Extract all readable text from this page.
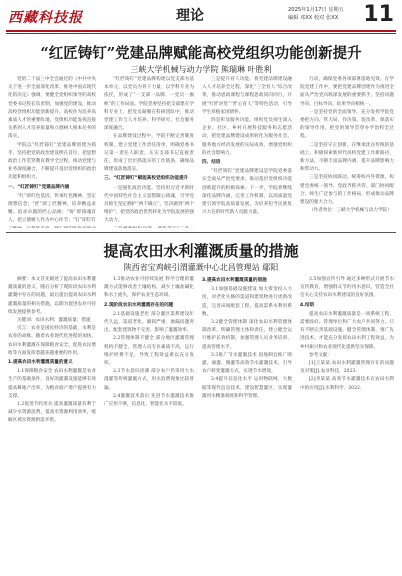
西藏科技报	理论	2025年1月17日 星期五
编辑 邓XX 校对 张XX	11
“红匠铸钉”党建品牌赋能高校党组织功能创新提升
三峡大学机械与动力学院 熊瑞琳 叶胜利

党的二十届三中全会通过的《中共中央关于进一步全面深化改革、推进中国式现代化的决定》强调，要健全党组织领导的高校党委书记校长负责制，加强党的建设，推动高校党组织功能创新提升。高校作为培养高素质人才的重要阵地，党组织功能发挥直接关系到人才培养质量和立德树人根本任务的落实。

学院以“红匠铸钉”党建品牌创建为抓手，坚持把党的政治建设摆在首位，把思想政治工作贯穿教育教学全过程，推动党建与业务深度融合，不断提升基层党组织的政治功能和组织力。

一、“红匠铸钉”党建品牌内涵

“红”即红色基因，传承红色精神，坚定理想信念；“匠”即工匠精神，培养精益求精、追求卓越的匠心品格；“铸”即铸魂育人，把立德树人作为中心环节；“钉”即钉钉

“红匠铸钉”党建品牌构建以党支部为基本单元，以党员为骨干力量，以学科专业为依托，形成了“一支部一品牌、一党员一旗帜”的工作局面。学院党委坚持把支部建在学科专业上，把党员凝聚在科研团队中，推动党建工作与人才培养、科学研究、社会服务深度融合。

在品牌建设过程中，学院不断完善制度机制，建立党建工作责任清单，明确党委书记第一责任人职责，压实支部书记直接责任，形成了层层抓落实的工作链条，确保品牌建设落地落实。

三、“红匠铸钉”赋能高校党组织功能提升

一是强化政治功能。坚持用习近平新时代中国特色社会主义思想凝心铸魂，引导党员师生坚定拥护“两个确立”、坚决做到“两个维护”，把党的政治优势转化为学院发展的强大动力。

三是提升育人功能。将党建品牌建设融入人才培养全过程，深化“三全育人”综合改革，推动思政课程与课程思政同向同行，开展“红匠讲堂”“匠心育人”等特色活动，引导学生厚植家国情怀。

四是彰显服务功能。组织党员师生深入企业、社区、乡村开展科技服务和志愿活动，把党建品牌建设成果转化为服务社会、服务地方经济发展的实际成效，增强党组织的社会影响力。

四、结语

“红匠铸钉”党建品牌建设是学院党委落实全面从严治党要求、推动基层党组织功能创新提升的积极探索。下一步，学院将继续深化品牌内涵，完善工作机制，以高质量党建引领学院高质量发展，为培养担当民族复兴大任的时代新人贡献力量。

行动，确保党委各项部署落地见效。在学院党建工作中，要把党建品牌创建作为推进全面从严治党向纵深发展的重要抓手，坚持问题导向、目标导向、结果导向相统一。

一是坚持党的全面领导。充分发挥学院党委把方向、管大局、作决策、促改革、保落实的领导作用，把党的领导贯穿办学治校全过程。

二是坚持守正创新。在继承优良传统的基础上，积极探索新时代高校党建工作新路径、新方法，不断丰富品牌内涵，提升品牌影响力和带动力。

三是坚持协同联动。统筹校内外资源，构建党委统一领导、党政齐抓共管、部门协同配合、师生广泛参与的工作格局，形成推动品牌建设的强大合力。

（作者单位：三峡大学机械与动力学院）

提高农田水利灌溉质量的措施
陕西省宝鸡峡引渭灌溉中心北昌管理站 鄢阳

摘要：本文首先阐述了提高农田水利灌溉质量的意义，随后分析了现阶段农田水利灌溉中存在的问题，最后提出提高农田水利灌溉质量的相关措施，以期为促进农业可持续发展提供参考。

关键词：农田水利；灌溉质量；措施

引言：农业是国民经济的基础，水利是农业的命脉。随着农业现代化进程的加快，农田水利灌溉在保障粮食安全、促进农民增收等方面发挥着越来越重要的作用。

1.提高农田水利灌溉质量的意义

1.1保障粮食安全 农田水利灌溉是农业生产的基础条件，良好的灌溉设施能够有效提高耕地产出率，为粮食稳产增产提供有力支撑。

1.2促进节约用水 提高灌溉质量有利于减少水资源浪费，提高水资源利用效率，缓解区域水资源供需矛盾。

1.3推动农业可持续发展 科学合理的灌溉方式能够改善土壤结构，减少土壤盐碱化和水土流失，保护农业生态环境。

2.现阶段农田水利灌溉存在的问题

2.1基础设施老化 部分灌区渠系建设年代久远，渠道老化、破损严重，渗漏问题突出，配套建筑物不完善，影响了灌溉效率。

2.2管理体制不健全 部分地区灌溉管理机构不健全，管理人员专业素质不高，运行维护经费不足，导致工程效益难以充分发挥。

2.3节水意识淡薄 部分农户仍采用大水漫灌等传统灌溉方式，用水浪费现象比较普遍。

2.4灌溉技术落后 先进节水灌溉技术推广应用不够，信息化、智能化水平较低。

3.提高农田水利灌溉质量的措施

3.1加强基础设施建设 加大资金投入力度，对老化失修的渠道和建筑物进行更新改造，完善田间配套工程，提高渠系水利用系数。

3.2健全管理体制 深化农田水利管理体制改革，明确管理主体和责任，建立健全运行维护长效机制，加强管理人员业务培训，提高管理水平。

3.3推广节水灌溉技术 因地制宜推广喷灌、滴灌、微灌等高效节水灌溉技术，引导农户转变灌溉方式，实现节水增效。

3.4提升信息化水平 运用物联网、大数据等现代信息技术，建设智慧灌区，实现灌溉用水精准调度和科学管理。

3.5加强宣传引导 通过多种形式开展节水宣传教育，增强群众节约用水意识，营造全社会关心支持农田水利建设的良好氛围。

4.结语

提高农田水利灌溉质量是一项系统工程，需要政府、管理单位和广大农户共同努力。只有不断完善基础设施、健全管理体制、推广先进技术，才能充分发挥农田水利工程效益，为乡村振兴和农业现代化提供坚实保障。

参考文献：

[1]王某某.农田水利灌溉管理存在的问题及对策[J].农业科技，2023.

[2]李某某.高效节水灌溉技术在农田水利中的应用[J].水利科学，2022.
